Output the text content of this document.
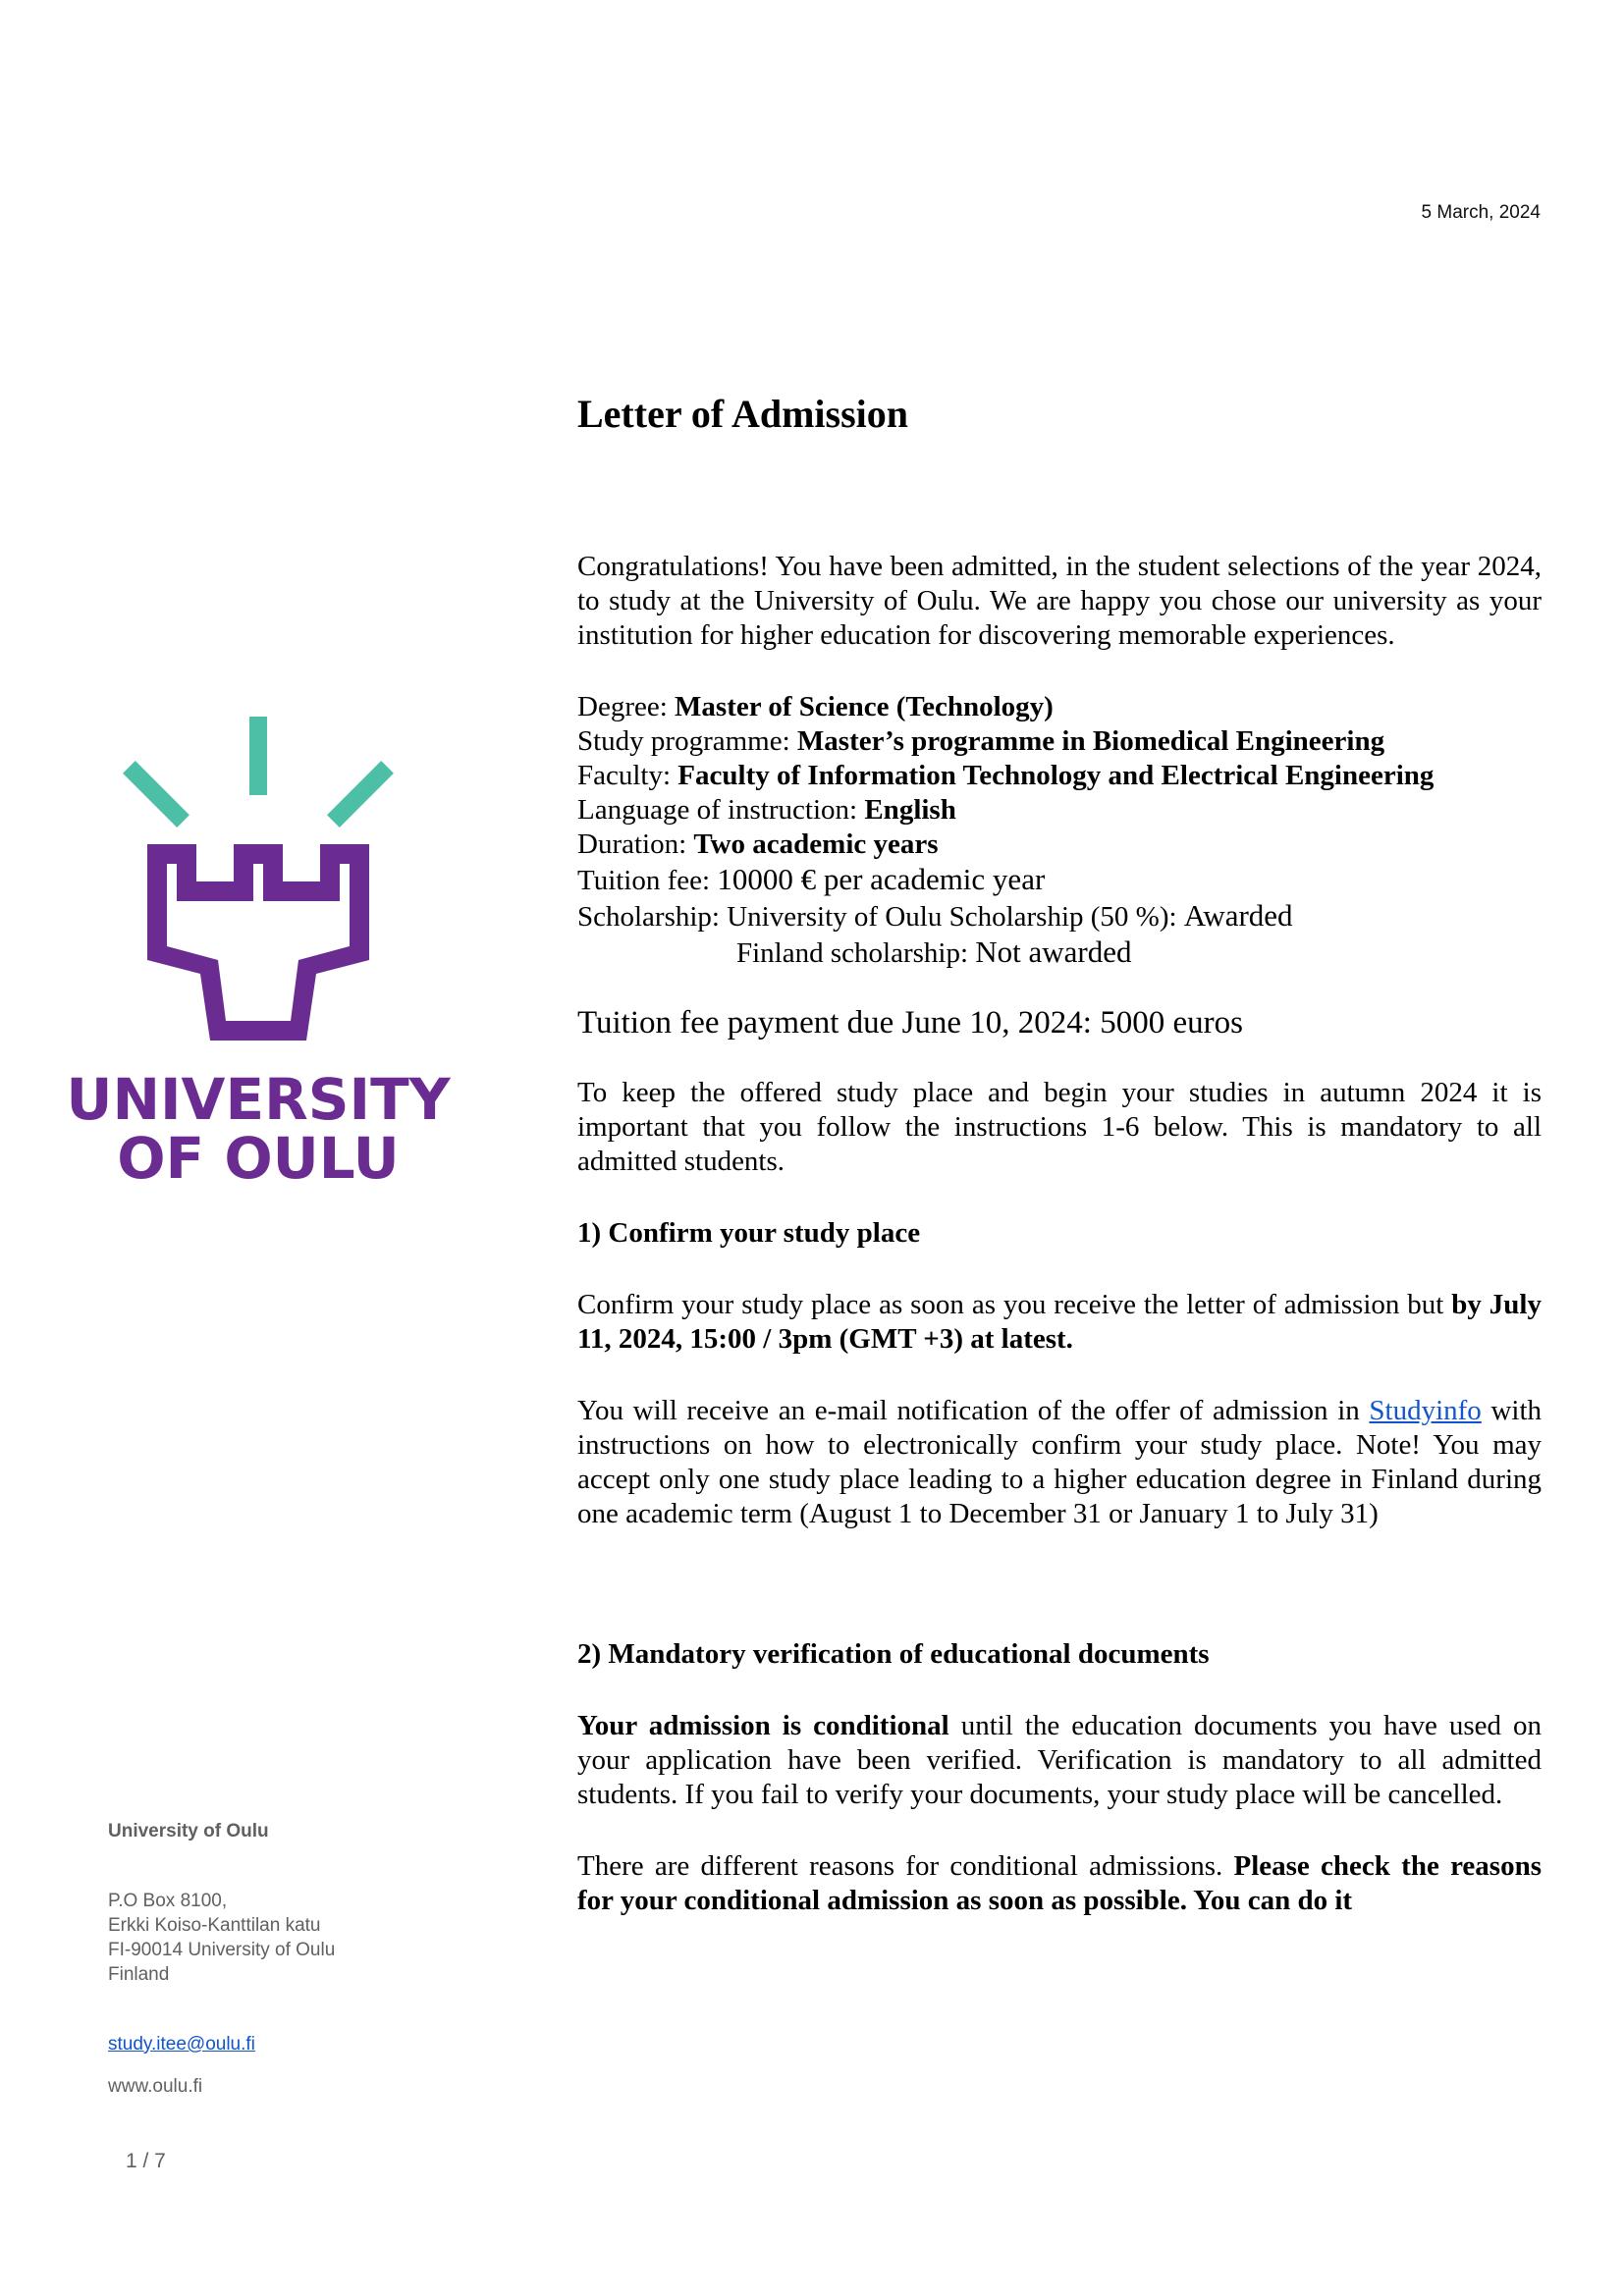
5 March, 2024
UNIVERSITY
OF OULU
Letter of Admission

Congratulations! You have been admitted, in the student selections of the year 2024, to study at the University of Oulu. We are happy you chose our university as your institution for higher education for discovering memorable experiences.

Degree: Master of Science (Technology)

Study programme: Master’s programme in Biomedical Engineering

Faculty: Faculty of Information Technology and Electrical Engineering

Language of instruction: English

Duration: Two academic years

Tuition fee: 10000 € per academic year

Scholarship: University of Oulu Scholarship (50 %): Awarded

Finland scholarship: Not awarded

Tuition fee payment due June 10, 2024: 5000 euros

To keep the offered study place and begin your studies in autumn 2024 it is important that you follow the instructions 1-6 below. This is mandatory to all admitted students.

1) Confirm your study place

Confirm your study place as soon as you receive the letter of admission but by July 11, 2024, 15:00 / 3pm (GMT +3) at latest.

You will receive an e-mail notification of the offer of admission in Studyinfo with instructions on how to electronically confirm your study place. Note! You may accept only one study place leading to a higher education degree in Finland during one academic term (August 1 to December 31 or January 1 to July 31)

2) Mandatory verification of educational documents

Your admission is conditional until the education documents you have used on your application have been verified. Verification is mandatory to all admitted students. If you fail to verify your documents, your study place will be cancelled.

There are different reasons for conditional admissions. Please check the reasons for your conditional admission as soon as possible. You can do it

University of Oulu
P.O Box 8100,
Erkki Koiso-Kanttilan katu
FI-90014 University of Oulu
Finland
study.itee@oulu.fi
www.oulu.fi
1 / 7
